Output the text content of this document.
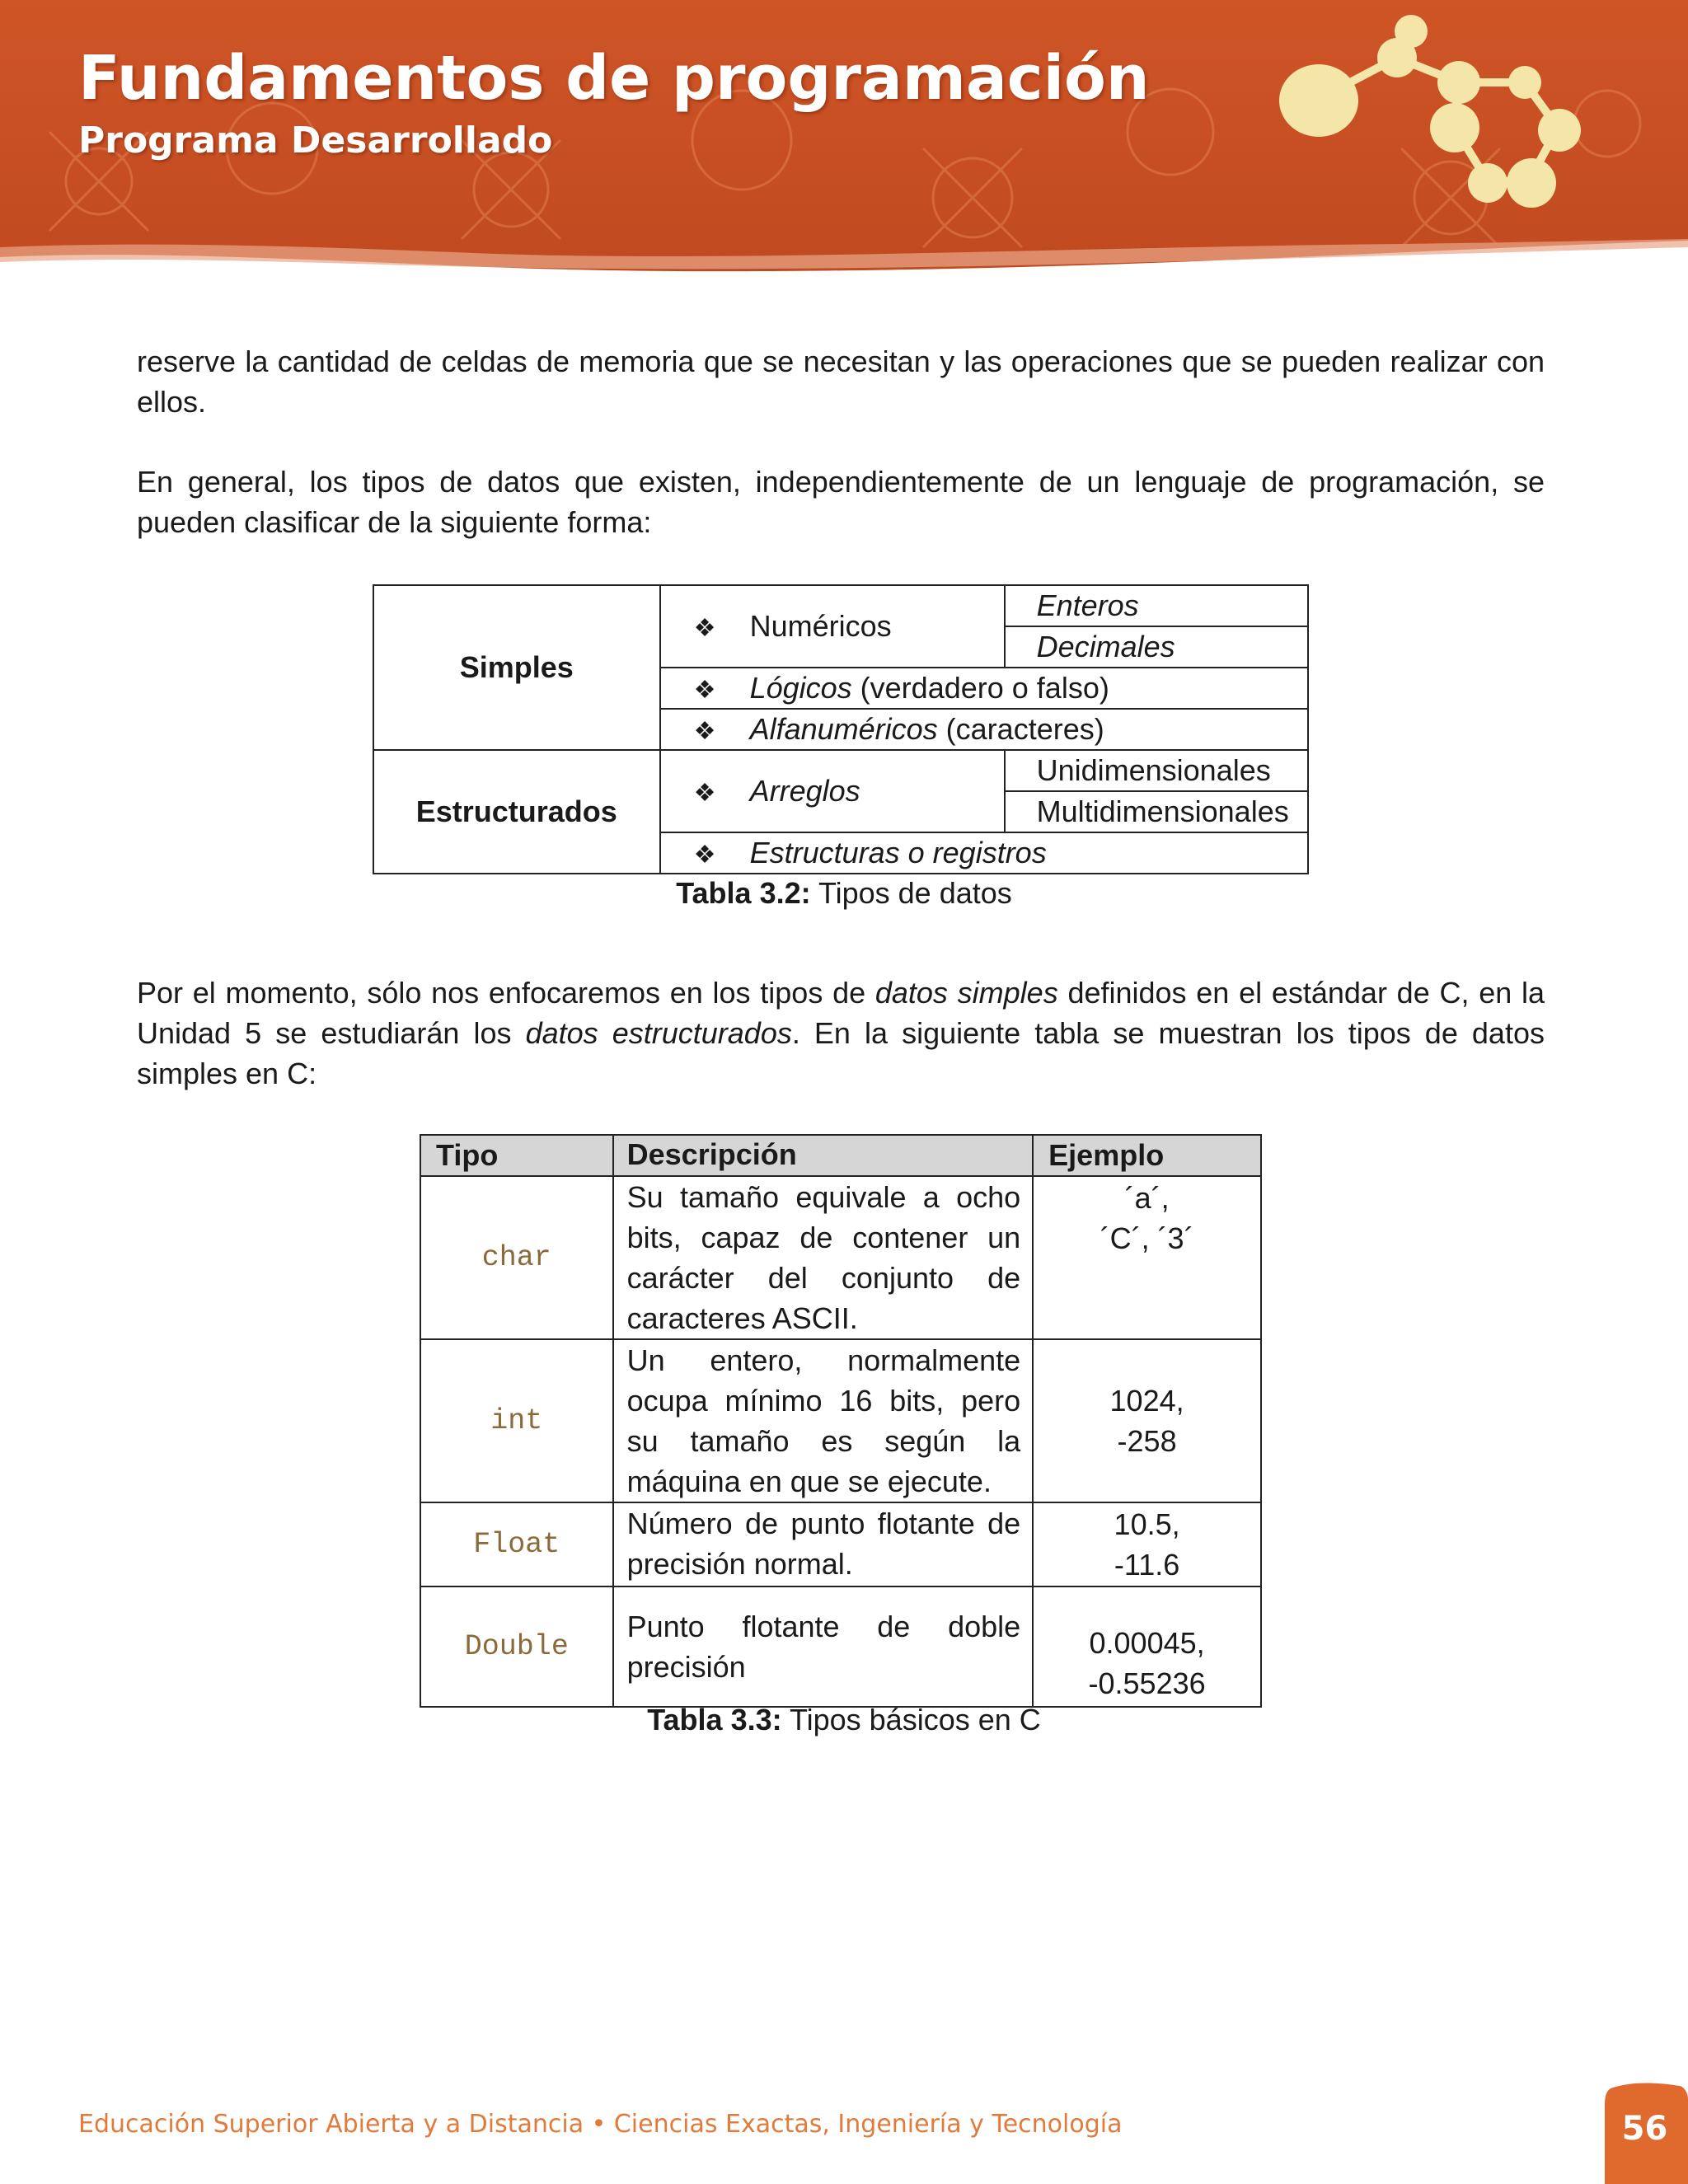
Fundamentos de programación
Programa Desarrollado

reserve la cantidad de celdas de memoria que se necesitan y las operaciones que se pueden realizar con ellos.

En general, los tipos de datos que existen, independientemente de un lenguaje de programación, se pueden clasificar de la siguiente forma:

Simples	❖ Numéricos	Enteros
		Decimales
	❖ Lógicos (verdadero o falso)	
	❖ Alfanuméricos (caracteres)	
Estructurados	❖ Arreglos	Unidimensionales
		Multidimensionales
	❖ Estructuras o registros	
Tabla 3.2: Tipos de datos

Por el momento, sólo nos enfocaremos en los tipos de datos simples definidos en el estándar de C, en la Unidad 5 se estudiarán los datos estructurados. En la siguiente tabla se muestran los tipos de datos simples en C:

Tipo	Descripción	Ejemplo
char	Su tamaño equivale a ocho bits, capaz de contener un carácter del conjunto de caracteres ASCII.	´a´,
´C´, ´3´

int	Un entero, normalmente ocupa mínimo 16 bits, pero su tamaño es según la máquina en que se ejecute.	1024,
-258

Float	Número de punto flotante de precisión normal.	10.5,
-11.6

Double	Punto flotante de doble precisión	0.00045,
-0.55236
Tabla 3.3: Tipos básicos en C
Educación Superior Abierta y a Distancia • Ciencias Exactas, Ingeniería y Tecnología	56
